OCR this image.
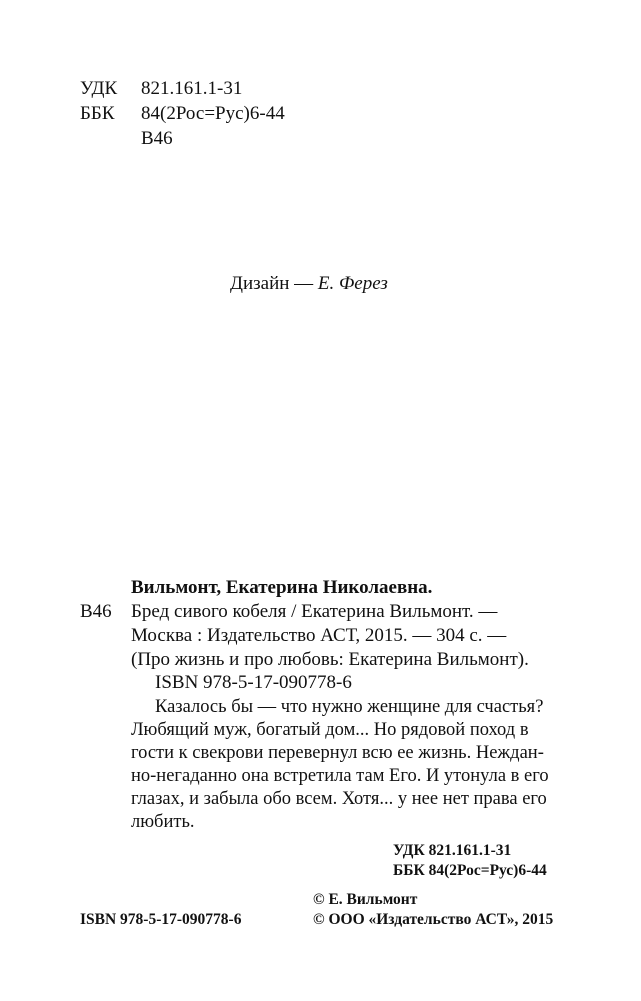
УДК 821.161.1-31
ББК 84(2Рос=Рус)6-44
В46
Дизайн — Е. Ферез
Вильмонт, Екатерина Николаевна.
В46 Бред сивого кобеля / Екатерина Вильмонт. —
Москва : Издательство АСТ, 2015. — 304 с. —
(Про жизнь и про любовь: Екатерина Вильмонт).
ISBN 978-5-17-090778-6
Казалось бы — что нужно женщине для счастья?
Любящий муж, богатый дом... Но рядовой поход в
гости к свекрови перевернул всю ее жизнь. Неждан-
но-негаданно она встретила там Его. И утонула в его
глазах, и забыла обо всем. Хотя... у нее нет права его
любить.
УДК 821.161.1-31
ББК 84(2Рос=Рус)6-44
© Е. Вильмонт
ISBN 978-5-17-090778-6	© ООО «Издательство АСТ», 2015
